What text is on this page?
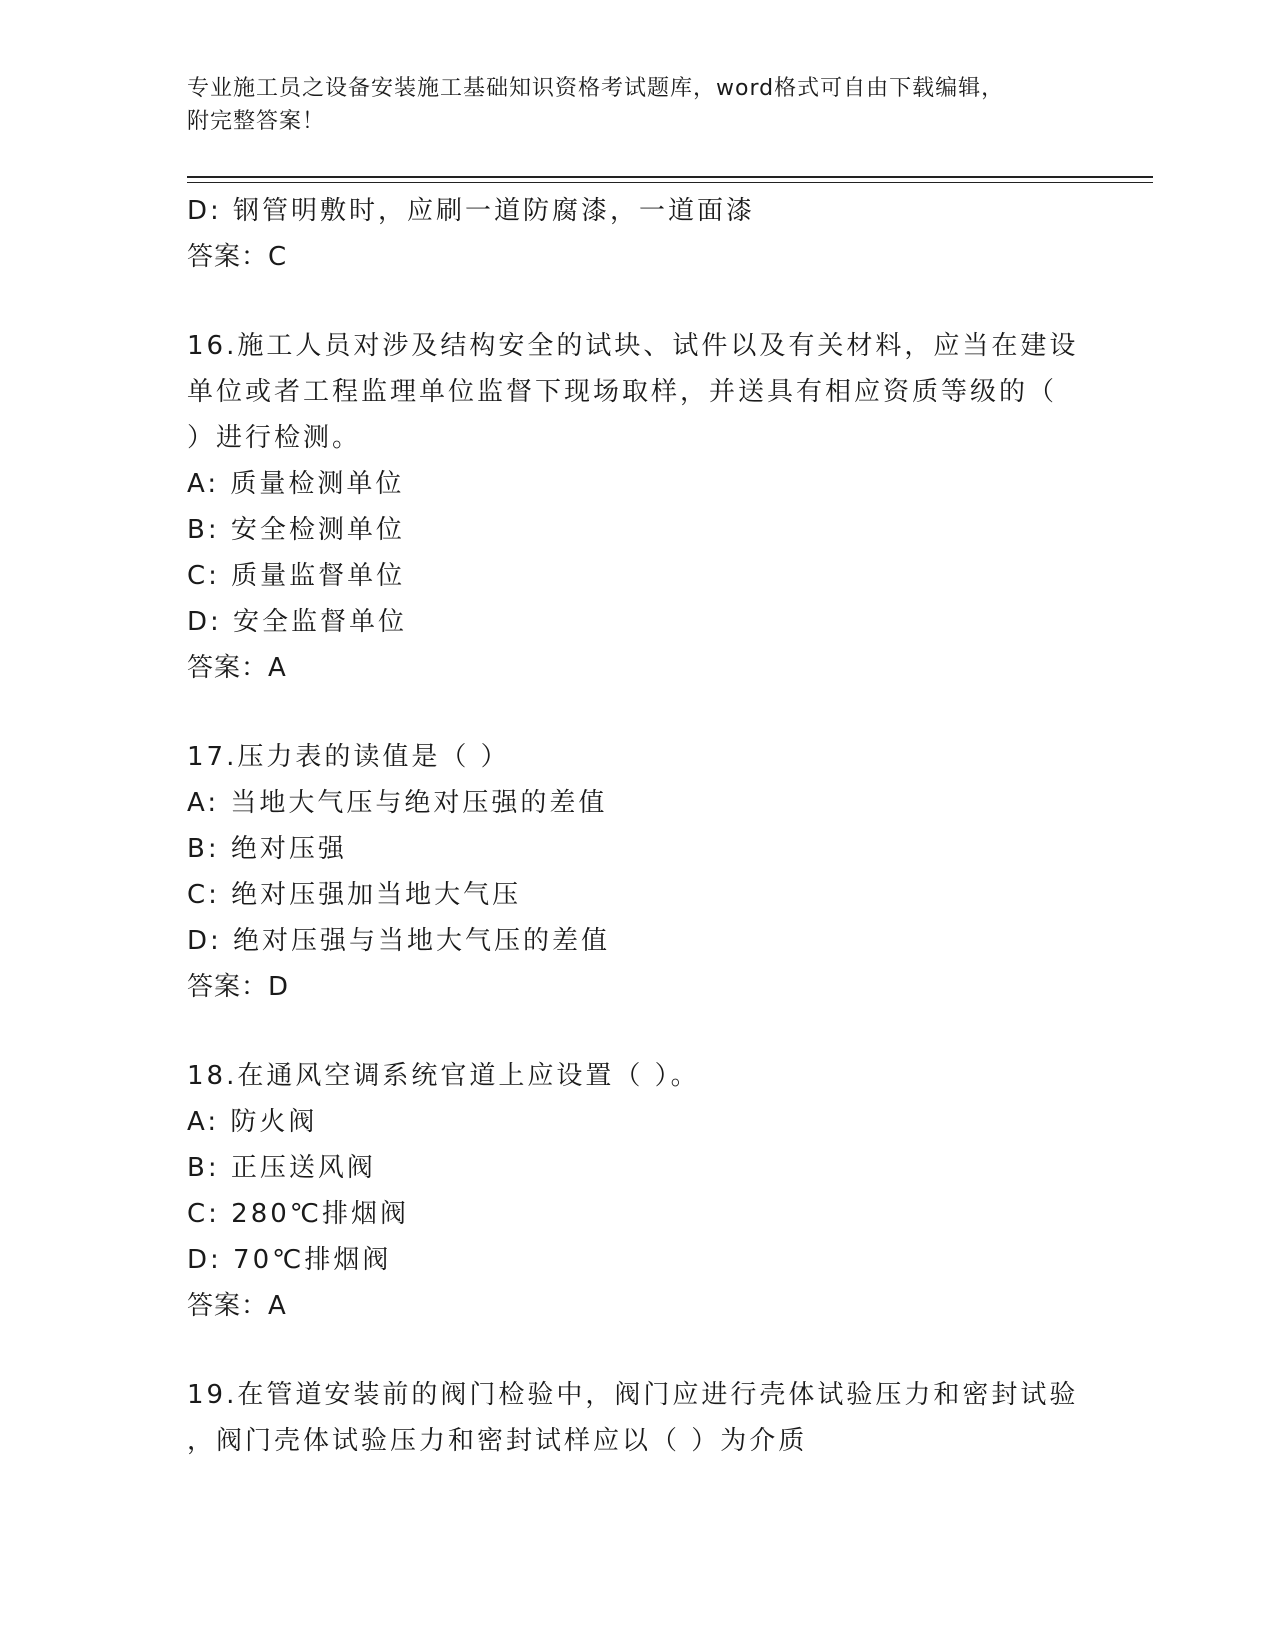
专业施工员之设备安装施工基础知识资格考试题库，word格式可自由下载编辑，
附完整答案！
D: 钢管明敷时，应刷一道防腐漆，一道面漆
答案：C
16.施工人员对涉及结构安全的试块、试件以及有关材料，应当在建设
单位或者工程监理单位监督下现场取样，并送具有相应资质等级的（
）进行检测。
A: 质量检测单位
B: 安全检测单位
C: 质量监督单位
D: 安全监督单位
答案：A
17.压力表的读值是（ ）
A: 当地大气压与绝对压强的差值
B: 绝对压强
C: 绝对压强加当地大气压
D: 绝对压强与当地大气压的差值
答案：D
18.在通风空调系统官道上应设置（ ）。
A: 防火阀
B: 正压送风阀
C: 280℃排烟阀
D: 70℃排烟阀
答案：A
19.在管道安装前的阀门检验中，阀门应进行壳体试验压力和密封试验
，阀门壳体试验压力和密封试样应以（ ）为介质
